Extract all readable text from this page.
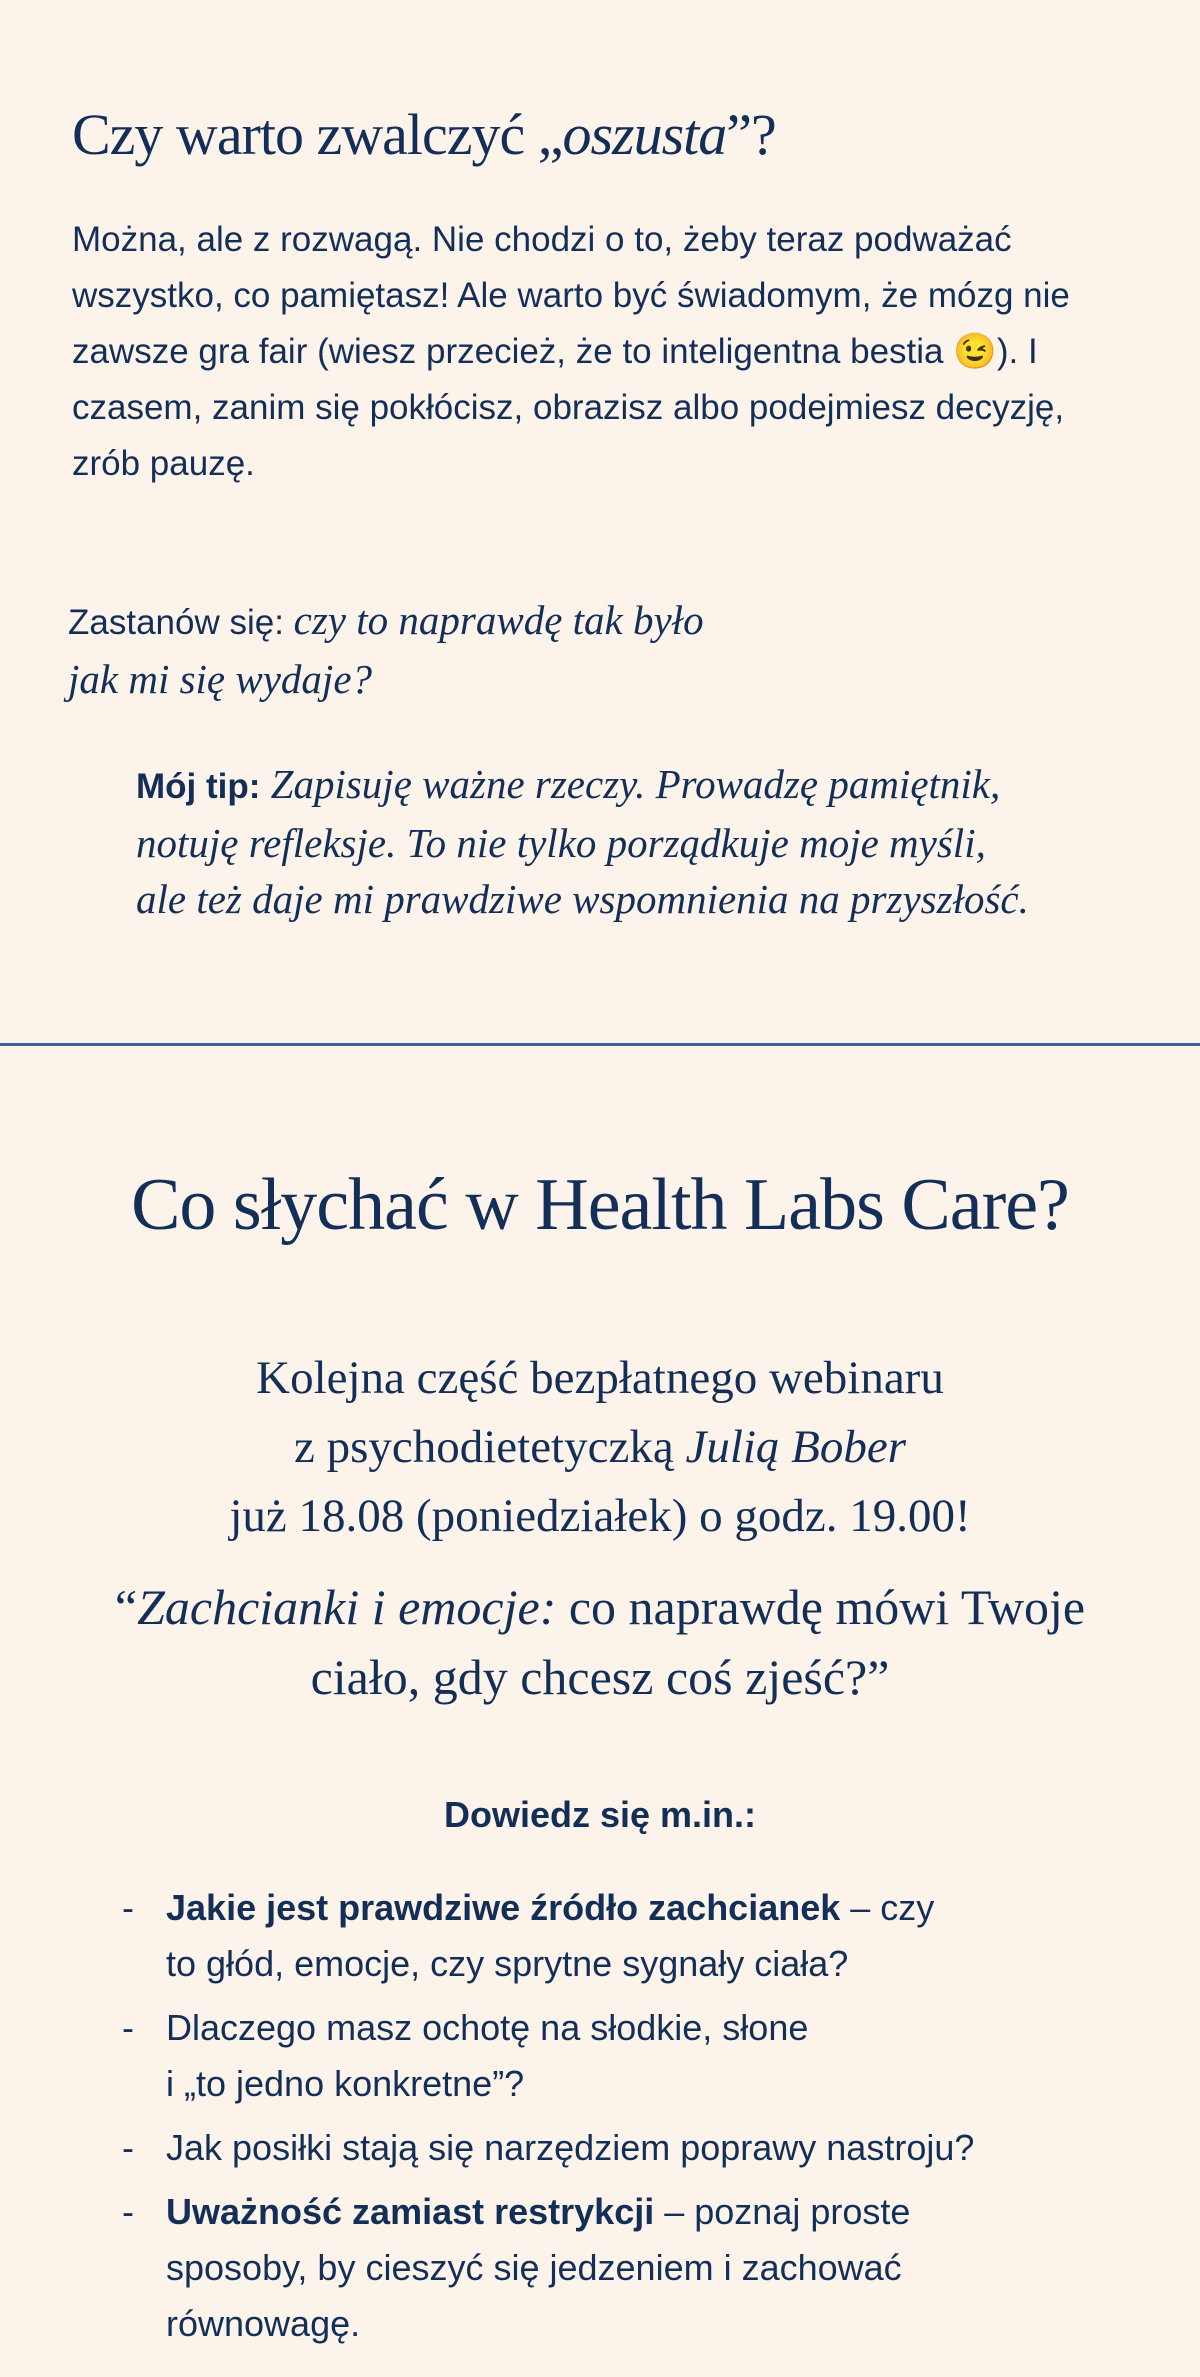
Czy warto zwalczyć „oszusta”?

Można, ale z rozwagą. Nie chodzi o to, żeby teraz podważać wszystko, co pamiętasz! Ale warto być świadomym, że mózg nie zawsze gra fair (wiesz przecież, że to inteligentna bestia 😉). I czasem, zanim się pokłócisz, obrazisz albo podejmiesz decyzję, zrób pauzę.

Zastanów się: czy to naprawdę tak było
jak mi się wydaje?

Mój tip: Zapisuję ważne rzeczy. Prowadzę pamiętnik,
notuję refleksje. To nie tylko porządkuje moje myśli,
ale też daje mi prawdziwe wspomnienia na przyszłość.

Co słychać w Health Labs Care?
Kolejna część bezpłatnego webinaru
z psychodietetyczką Julią Bober
już 18.08 (poniedziałek) o godz. 19.00!
“Zachcianki i emocje: co naprawdę mówi Twoje
ciało, gdy chcesz coś zjeść?”
Dowiedz się m.in.:
- Jakie jest prawdziwe źródło zachcianek – czy
to głód, emocje, czy sprytne sygnały ciała?
- Dlaczego masz ochotę na słodkie, słone
i „to jedno konkretne”?
- Jak posiłki stają się narzędziem poprawy nastroju?
- Uważność zamiast restrykcji – poznaj proste
sposoby, by cieszyć się jedzeniem i zachować
równowagę.
